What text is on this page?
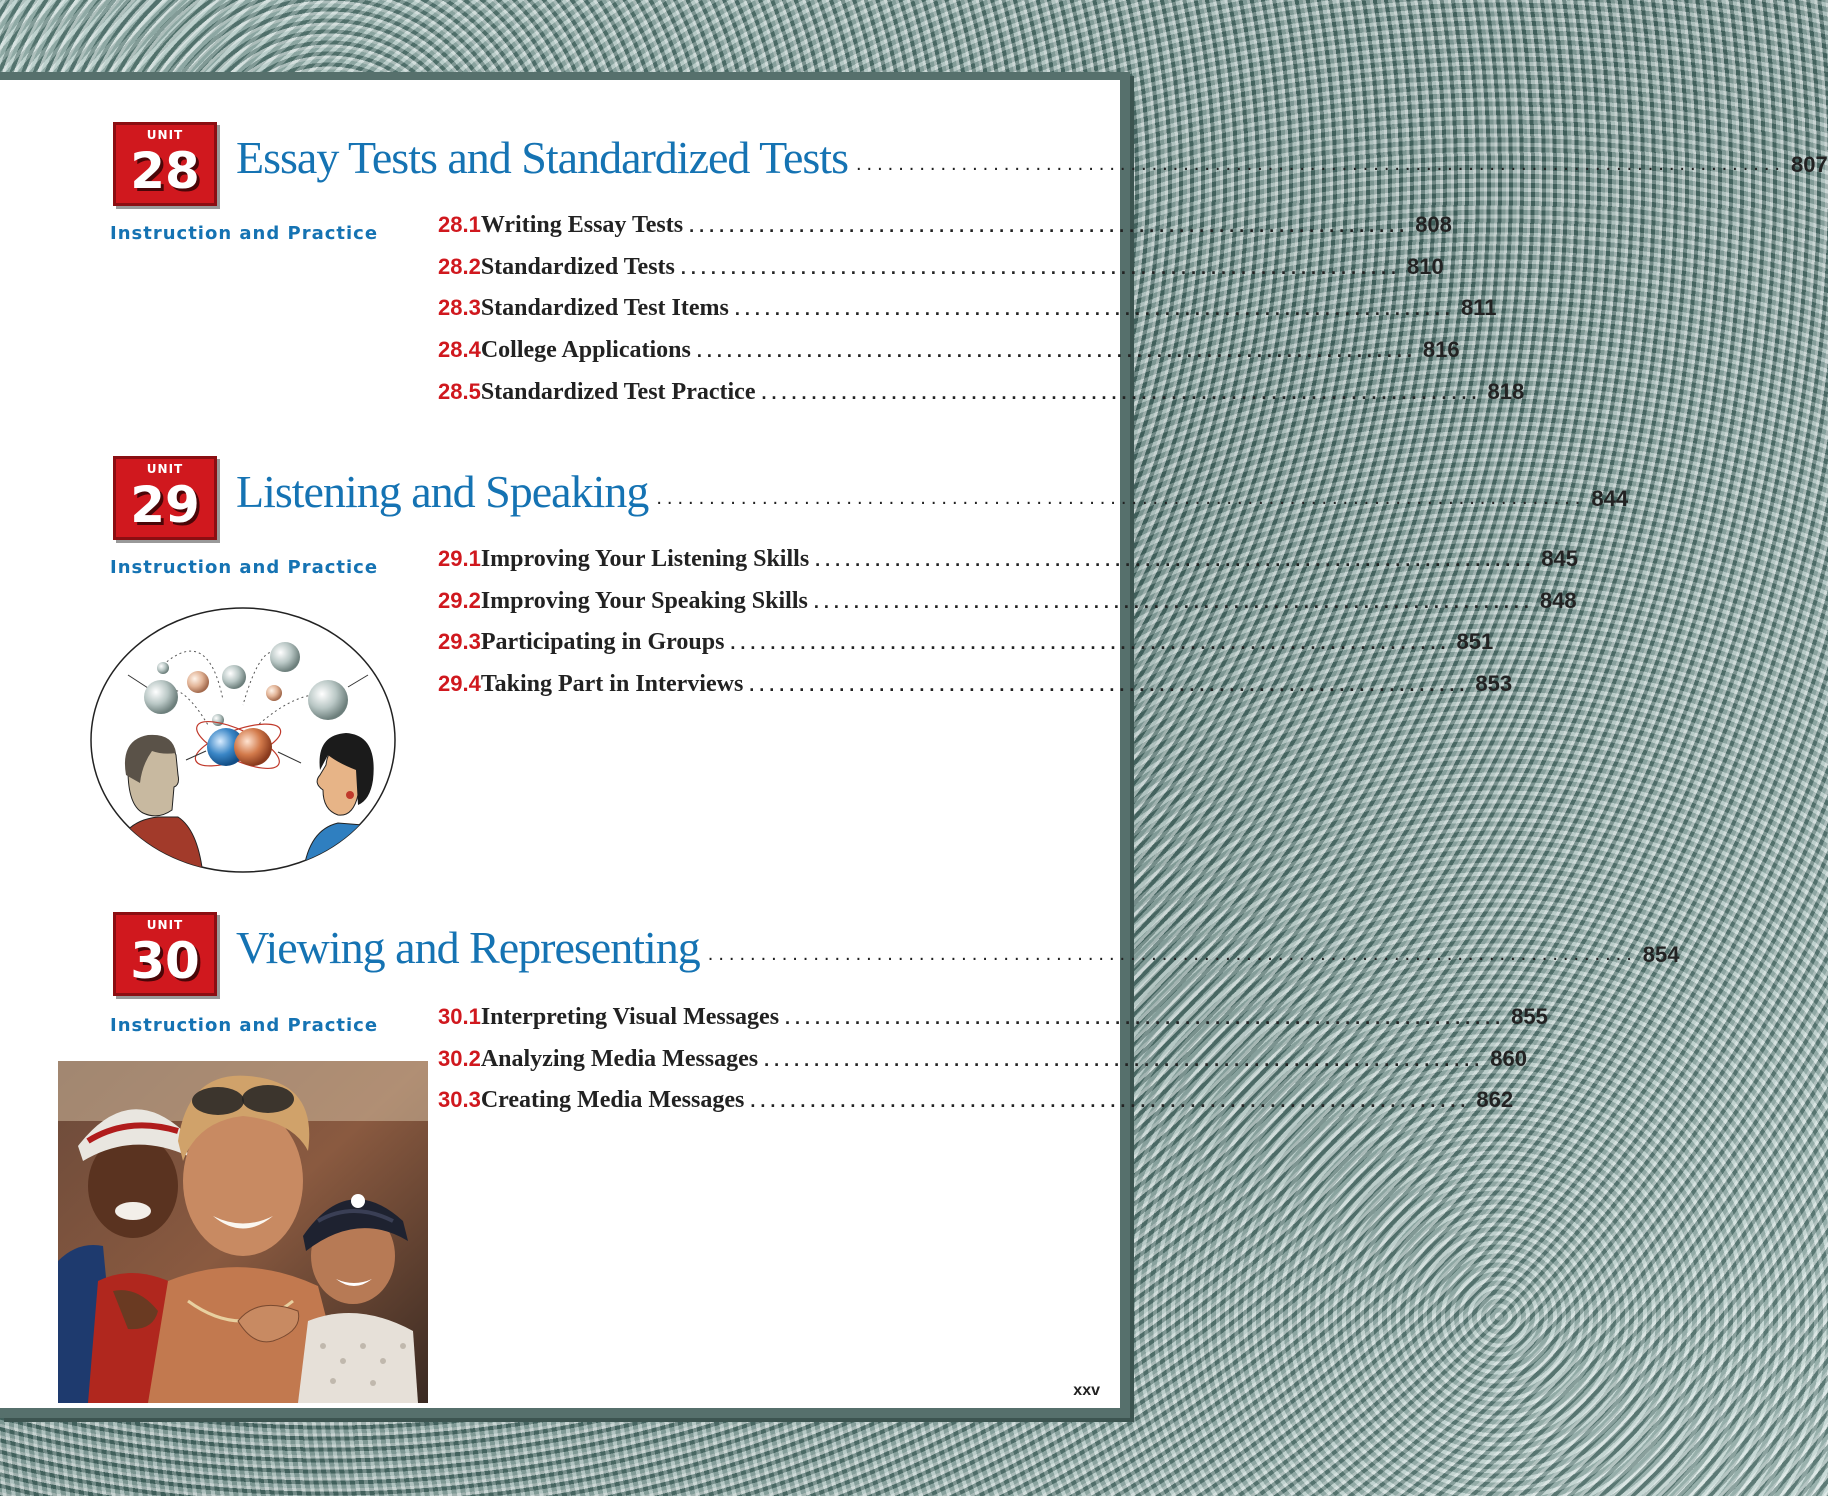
UNIT
28 Essay Tests and Standardized Tests ........................................................................................ 807
Instruction and Practice	28.1 Writing Essay Tests ........................................................................ 808
28.2 Standardized Tests ........................................................................ 810
28.3 Standardized Test Items ........................................................................ 811
28.4 College Applications ........................................................................ 816
28.5 Standardized Test Practice ........................................................................ 818
UNIT
29 Listening and Speaking ........................................................................................ 844
Instruction and Practice	29.1 Improving Your Listening Skills ........................................................................ 845
29.2 Improving Your Speaking Skills ........................................................................ 848
29.3 Participating in Groups ........................................................................ 851
29.4 Taking Part in Interviews ........................................................................ 853
UNIT
30 Viewing and Representing ........................................................................................ 854
Instruction and Practice	30.1 Interpreting Visual Messages ........................................................................ 855
30.2 Analyzing Media Messages ........................................................................ 860
30.3 Creating Media Messages ........................................................................ 862
xxv
